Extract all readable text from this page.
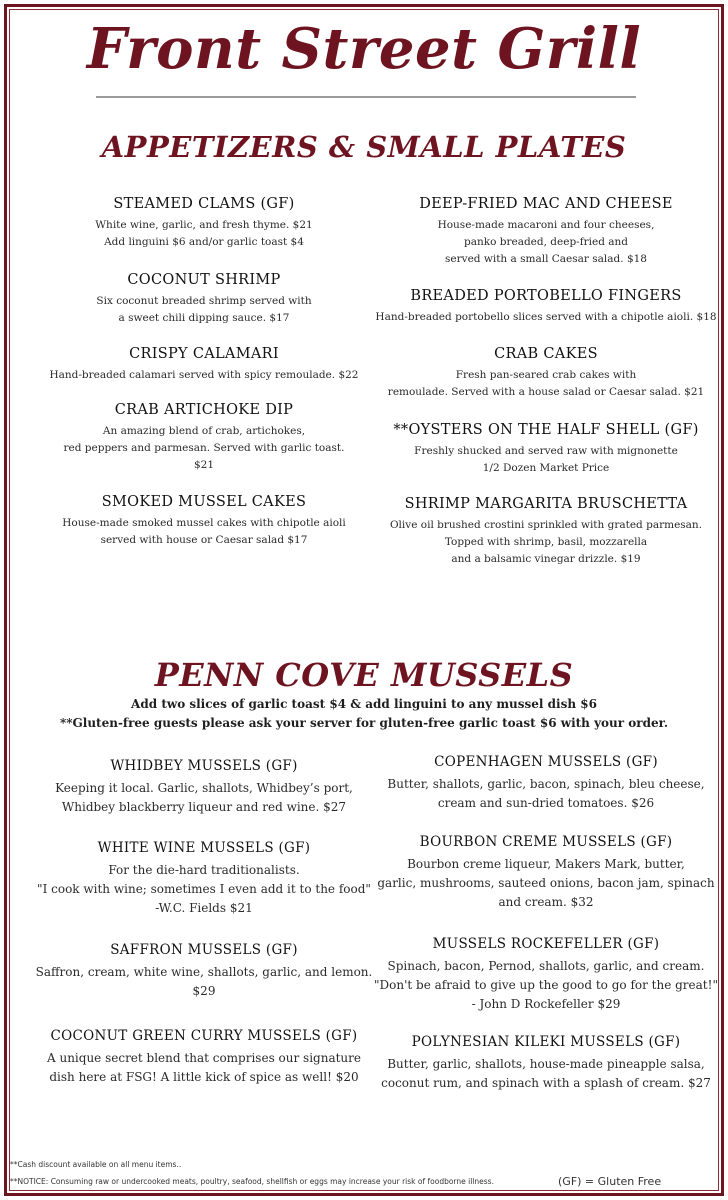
Front Street Grill
APPETIZERS & SMALL PLATES
STEAMED CLAMS (GF)
White wine, garlic, and fresh thyme. $21
Add linguini $6 and/or garlic toast $4
COCONUT SHRIMP
Six coconut breaded shrimp served with
a sweet chili dipping sauce. $17
CRISPY CALAMARI
Hand-breaded calamari served with spicy remoulade. $22
CRAB ARTICHOKE DIP
An amazing blend of crab, artichokes,
red peppers and parmesan. Served with garlic toast.
$21
SMOKED MUSSEL CAKES
House-made smoked mussel cakes with chipotle aioli
served with house or Caesar salad $17
DEEP-FRIED MAC AND CHEESE
House-made macaroni and four cheeses,
panko breaded, deep-fried and
served with a small Caesar salad. $18
BREADED PORTOBELLO FINGERS
Hand-breaded portobello slices served with a chipotle aioli. $18
CRAB CAKES
Fresh pan-seared crab cakes with
remoulade. Served with a house salad or Caesar salad. $21
**OYSTERS ON THE HALF SHELL (GF)
Freshly shucked and served raw with mignonette
1/2 Dozen Market Price
SHRIMP MARGARITA BRUSCHETTA
Olive oil brushed crostini sprinkled with grated parmesan.
Topped with shrimp, basil, mozzarella
and a balsamic vinegar drizzle. $19
PENN COVE MUSSELS
Add two slices of garlic toast $4 & add linguini to any mussel dish $6
**Gluten-free guests please ask your server for gluten-free garlic toast $6 with your order.
WHIDBEY MUSSELS (GF)
Keeping it local. Garlic, shallots, Whidbey’s port,
Whidbey blackberry liqueur and red wine. $27
WHITE WINE MUSSELS (GF)
For the die-hard traditionalists.
"I cook with wine; sometimes I even add it to the food"
-W.C. Fields $21
SAFFRON MUSSELS (GF)
Saffron, cream, white wine, shallots, garlic, and lemon.
$29
COCONUT GREEN CURRY MUSSELS (GF)
A unique secret blend that comprises our signature
dish here at FSG! A little kick of spice as well! $20
COPENHAGEN MUSSELS (GF)
Butter, shallots, garlic, bacon, spinach, bleu cheese,
cream and sun-dried tomatoes. $26
BOURBON CREME MUSSELS (GF)
Bourbon creme liqueur, Makers Mark, butter,
garlic, mushrooms, sauteed onions, bacon jam, spinach
and cream. $32
MUSSELS ROCKEFELLER (GF)
Spinach, bacon, Pernod, shallots, garlic, and cream.
"Don't be afraid to give up the good to go for the great!"
- John D Rockefeller $29
POLYNESIAN KILEKI MUSSELS (GF)
Butter, garlic, shallots, house-made pineapple salsa,
coconut rum, and spinach with a splash of cream. $27
**Cash discount available on all menu items..
**NOTICE: Consuming raw or undercooked meats, poultry, seafood, shellfish or eggs may increase your risk of foodborne illness.	(GF) = Gluten Free
